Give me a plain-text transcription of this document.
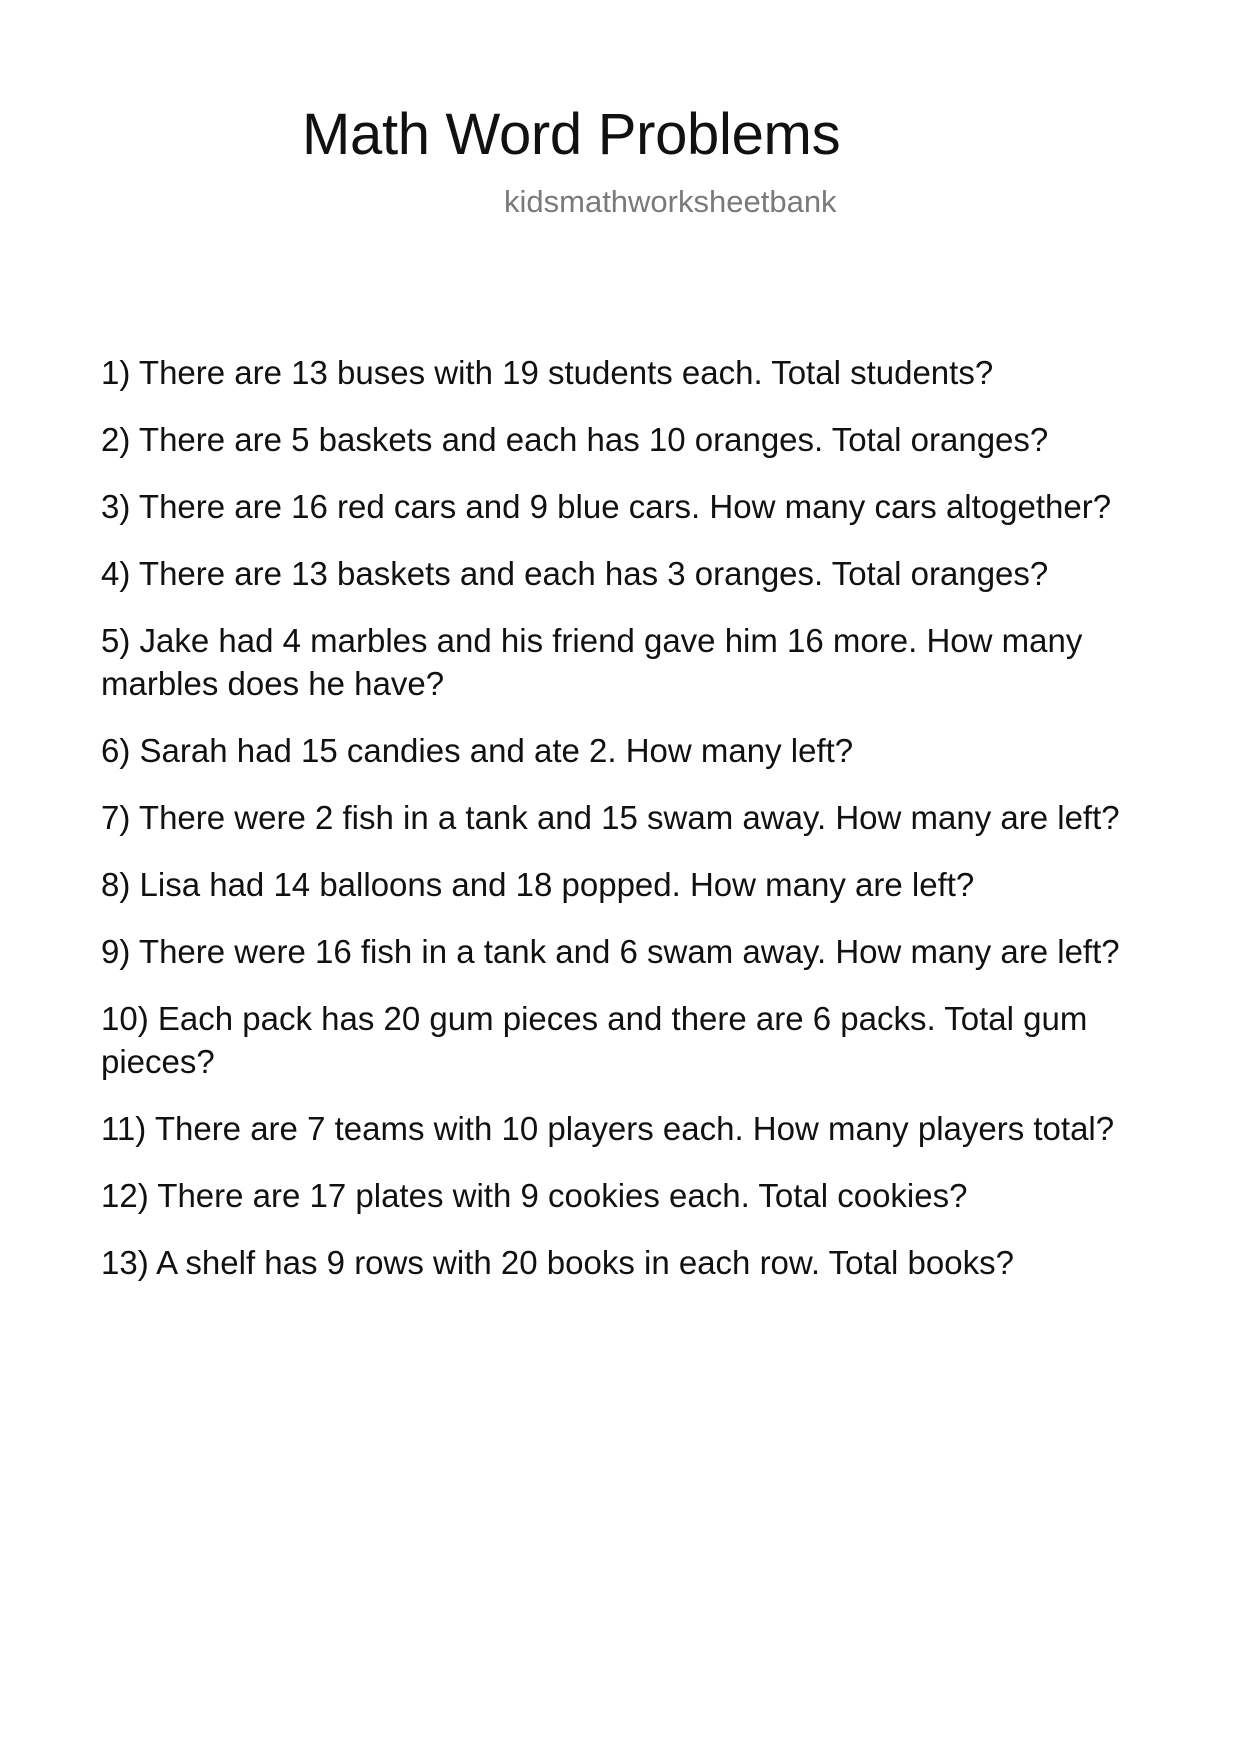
Math Word Problems

kidsmathworksheetbank

1) There are 13 buses with 19 students each. Total students?
2) There are 5 baskets and each has 10 oranges. Total oranges?
3) There are 16 red cars and 9 blue cars. How many cars altogether?
4) There are 13 baskets and each has 3 oranges. Total oranges?
5) Jake had 4 marbles and his friend gave him 16 more. How many marbles does he have?
6) Sarah had 15 candies and ate 2. How many left?
7) There were 2 fish in a tank and 15 swam away. How many are left?
8) Lisa had 14 balloons and 18 popped. How many are left?
9) There were 16 fish in a tank and 6 swam away. How many are left?
10) Each pack has 20 gum pieces and there are 6 packs. Total gum pieces?
11) There are 7 teams with 10 players each. How many players total?
12) There are 17 plates with 9 cookies each. Total cookies?
13) A shelf has 9 rows with 20 books in each row. Total books?
